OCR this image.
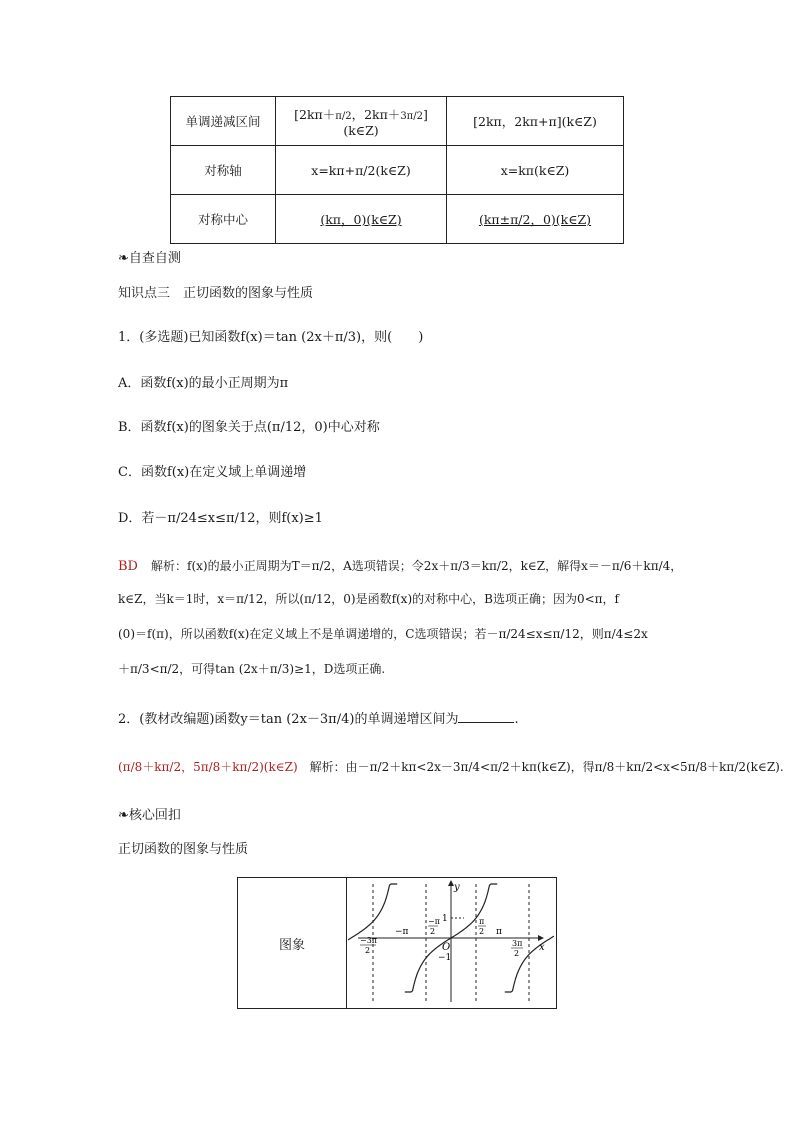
单调递减区间	[2kπ＋π/2，2kπ＋3π/2](k∈Z)	[2kπ，2kπ+π](k∈Z)
对称轴	x=kπ+π/2(k∈Z)	x=kπ(k∈Z)
对称中心	(kπ，0)(k∈Z)	(kπ±π/2，0)(k∈Z)
❧自查自测
知识点三　正切函数的图象与性质
1．(多选题)已知函数f(x)＝tan (2x＋π/3)，则(　　)
A．函数f(x)的最小正周期为π
B．函数f(x)的图象关于点(π/12，0)中心对称
C．函数f(x)在定义域上单调递增
D．若－π/24≤x≤π/12，则f(x)≥1
BD　 解析：f(x)的最小正周期为T＝π/2，A选项错误；令2x＋π/3＝kπ/2，k∈Z，解得x＝－π/6＋kπ/4，
k∈Z，当k＝1时，x＝π/12，所以(π/12，0)是函数f(x)的对称中心，B选项正确；因为0<π，f
(0)＝f(π)，所以函数f(x)在定义域上不是单调递增的，C选项错误；若－π/24≤x≤π/12，则π/4≤2x
＋π/3<π/2，可得tan (2x＋π/3)≥1，D选项正确.
2．(教材改编题)函数y＝tan (2x－3π/4)的单调递增区间为	.
(π/8＋kπ/2，5π/8＋kπ/2)(k∈Z)　 解析：由－π/2＋kπ<2x－3π/4<π/2＋kπ(k∈Z)，得π/8＋kπ/2<x<5π/8＋kπ/2(k∈Z).
❧核心回扣
正切函数的图象与性质
图象
y
x
O
1
−1
−π	π
−π
2
π
2
−3π
2
3π
2
